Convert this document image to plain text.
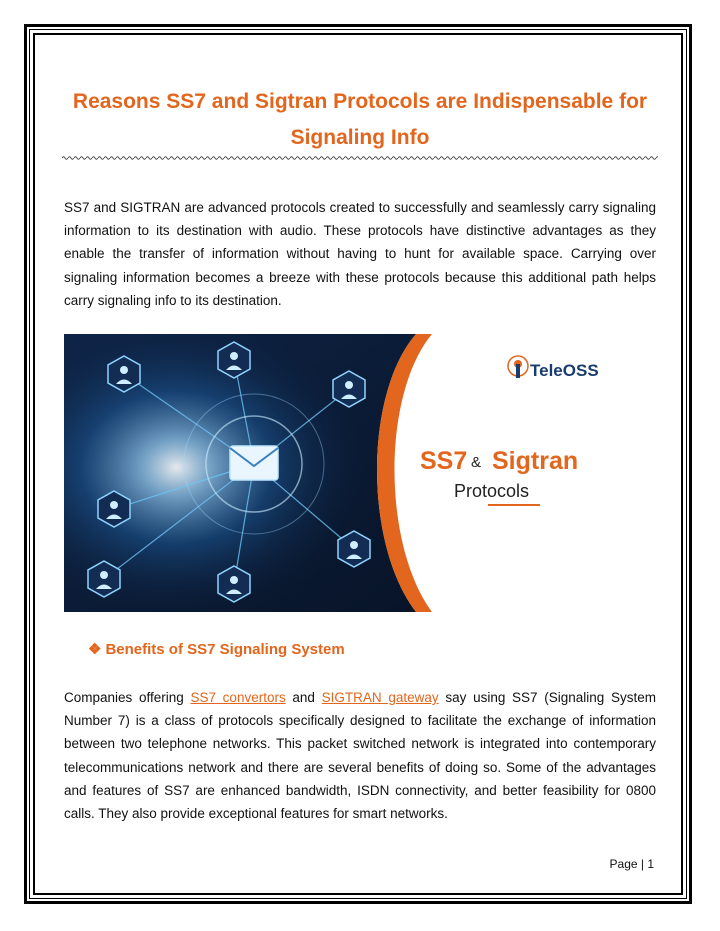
Reasons SS7 and Sigtran Protocols are Indispensable for Signaling Info

SS7 and SIGTRAN are advanced protocols created to successfully and seamlessly carry signaling information to its destination with audio. These protocols have distinctive advantages as they enable the transfer of information without having to hunt for available space. Carrying over signaling information becomes a breeze with these protocols because this additional path helps carry signaling info to its destination.

TeleOSS
SS7 & Sigtran
Protocols
❖ Benefits of SS7 Signaling System

Companies offering SS7 convertors and SIGTRAN gateway say using SS7 (Signaling System Number 7) is a class of protocols specifically designed to facilitate the exchange of information between two telephone networks. This packet switched network is integrated into contemporary telecommunications network and there are several benefits of doing so. Some of the advantages and features of SS7 are enhanced bandwidth, ISDN connectivity, and better feasibility for 0800 calls. They also provide exceptional features for smart networks.

Page | 1
